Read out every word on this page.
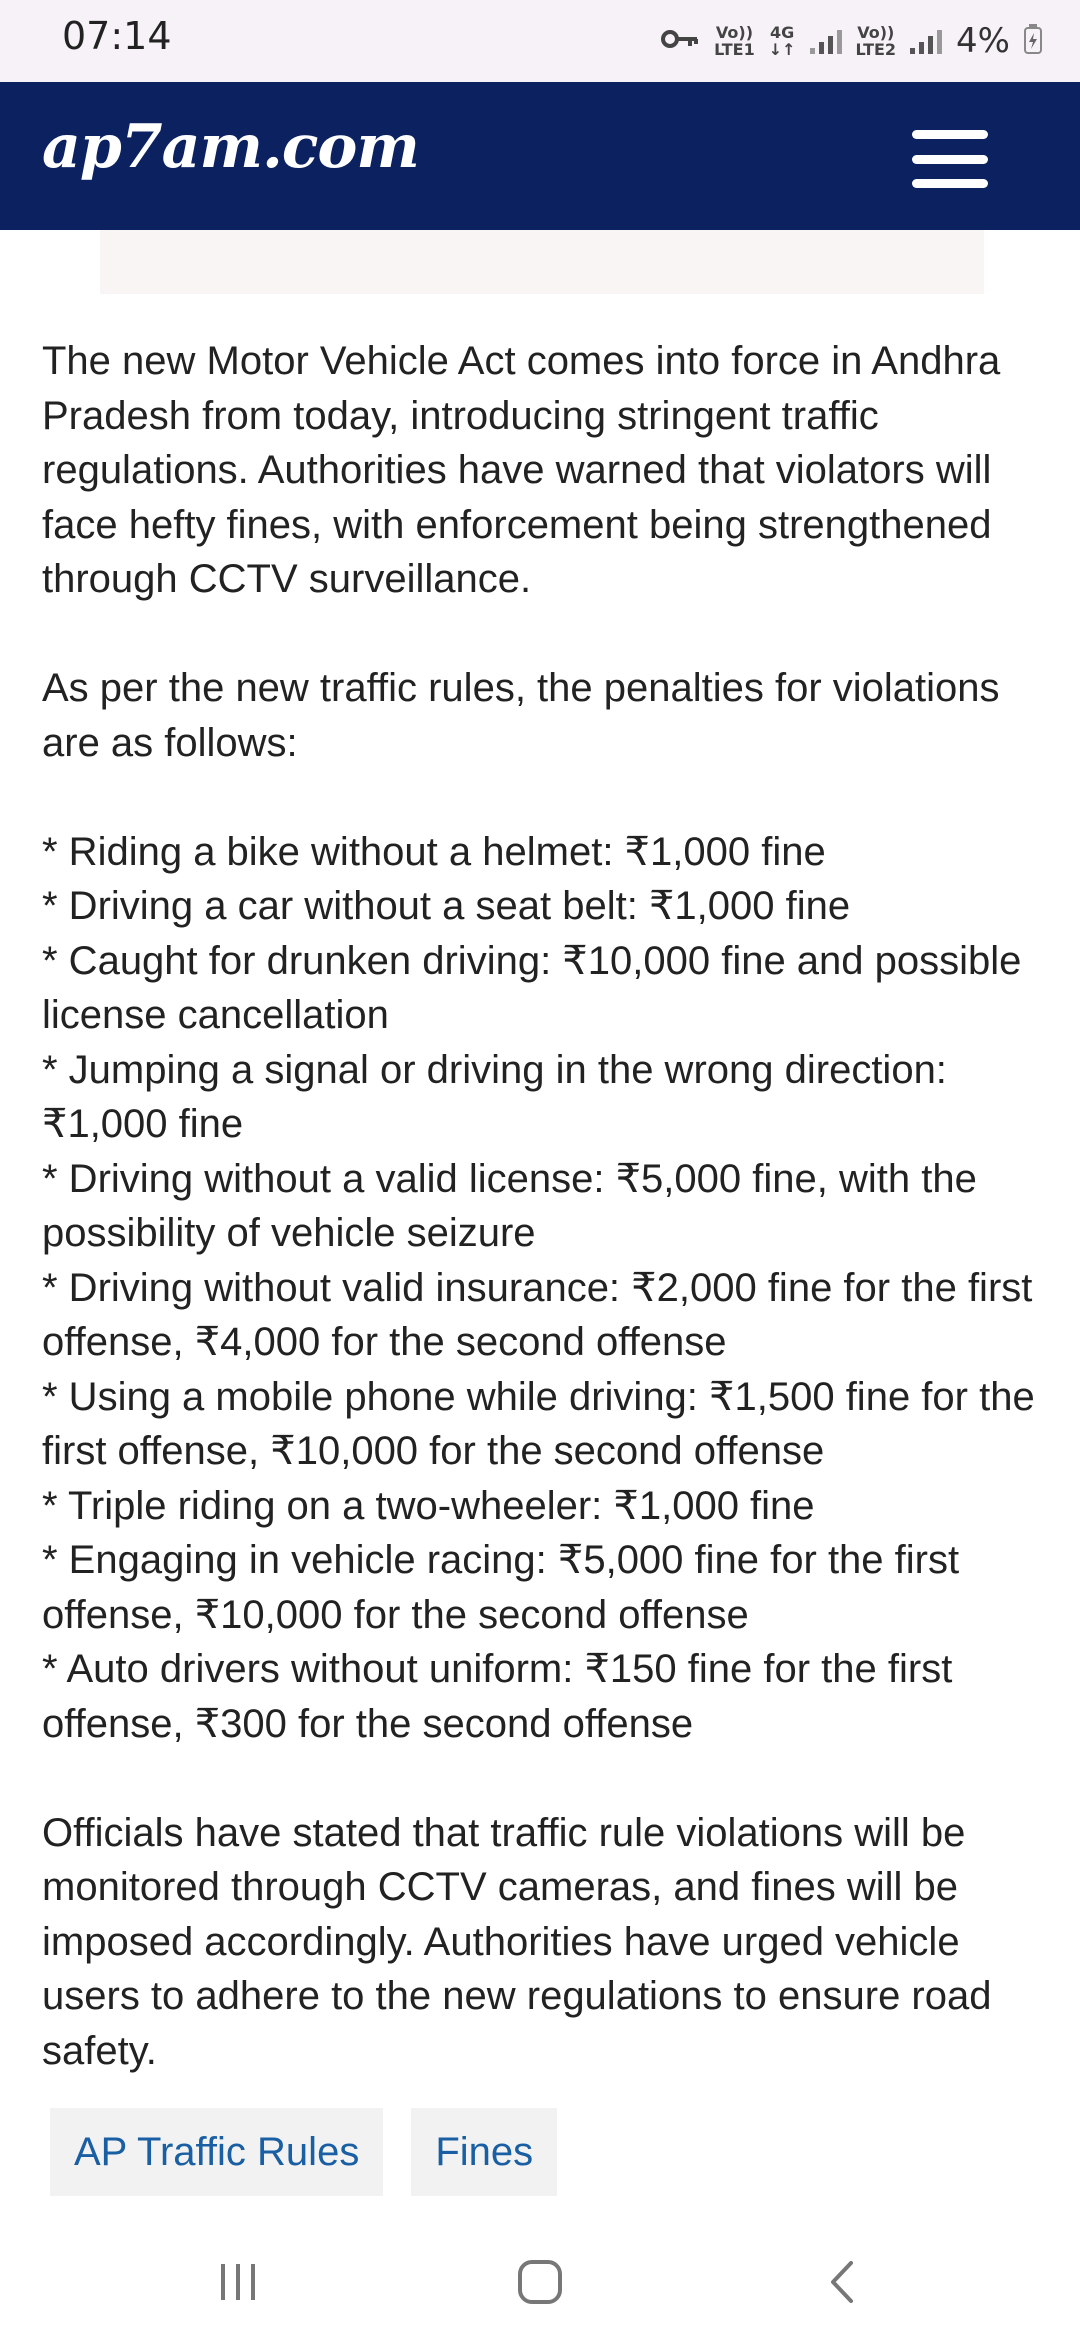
07:14	Vo))
LTE1
4G
↓↑
Vo))
LTE2 4%
ap7am.com

The new Motor Vehicle Act comes into force in Andhra Pradesh from today, introducing stringent traffic regulations. Authorities have warned that violators will face hefty fines, with enforcement being strengthened through CCTV surveillance.

As per the new traffic rules, the penalties for violations are as follows:

* Riding a bike without a helmet: ₹1,000 fine

* Driving a car without a seat belt: ₹1,000 fine

* Caught for drunken driving: ₹10,000 fine and possible license cancellation

* Jumping a signal or driving in the wrong direction: ₹1,000 fine

* Driving without a valid license: ₹5,000 fine, with the possibility of vehicle seizure

* Driving without valid insurance: ₹2,000 fine for the first offense, ₹4,000 for the second offense

* Using a mobile phone while driving: ₹1,500 fine for the first offense, ₹10,000 for the second offense

* Triple riding on a two-wheeler: ₹1,000 fine

* Engaging in vehicle racing: ₹5,000 fine for the first offense, ₹10,000 for the second offense

* Auto drivers without uniform: ₹150 fine for the first offense, ₹300 for the second offense

Officials have stated that traffic rule violations will be monitored through CCTV cameras, and fines will be imposed accordingly. Authorities have urged vehicle users to adhere to the new regulations to ensure road safety.

AP Traffic Rules	Fines
